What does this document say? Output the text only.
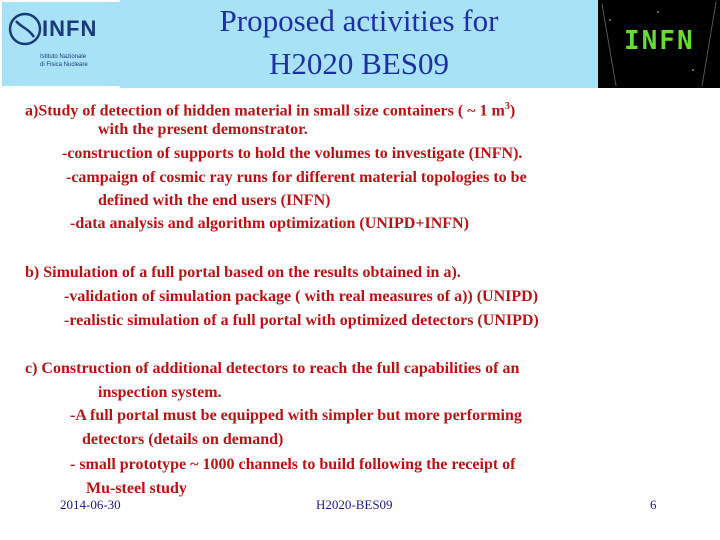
INFN
Istituto Nazionale
di Fisica Nucleare
Proposed activities for
H2020 BES09
INFN
a)Study of detection of hidden material in small size containers ( ~ 1 $m^3$)
with the present demonstrator.
-construction of supports to hold the volumes to investigate (INFN).
-campaign of cosmic ray runs for different material topologies to be
defined with the end users (INFN)
-data analysis and algorithm optimization (UNIPD+INFN)
b) Simulation of a full portal based on the results obtained in a).
-validation of simulation package ( with real measures of a)) (UNIPD)
-realistic simulation of a full portal with optimized detectors (UNIPD)
c) Construction of additional detectors to reach the full capabilities of an
inspection system.
-A full portal must be equipped with simpler but more performing
detectors (details on demand)
- small prototype ~ 1000 channels to build following the receipt of
Mu-steel study
2014-06-30	H2020-BES09	6
